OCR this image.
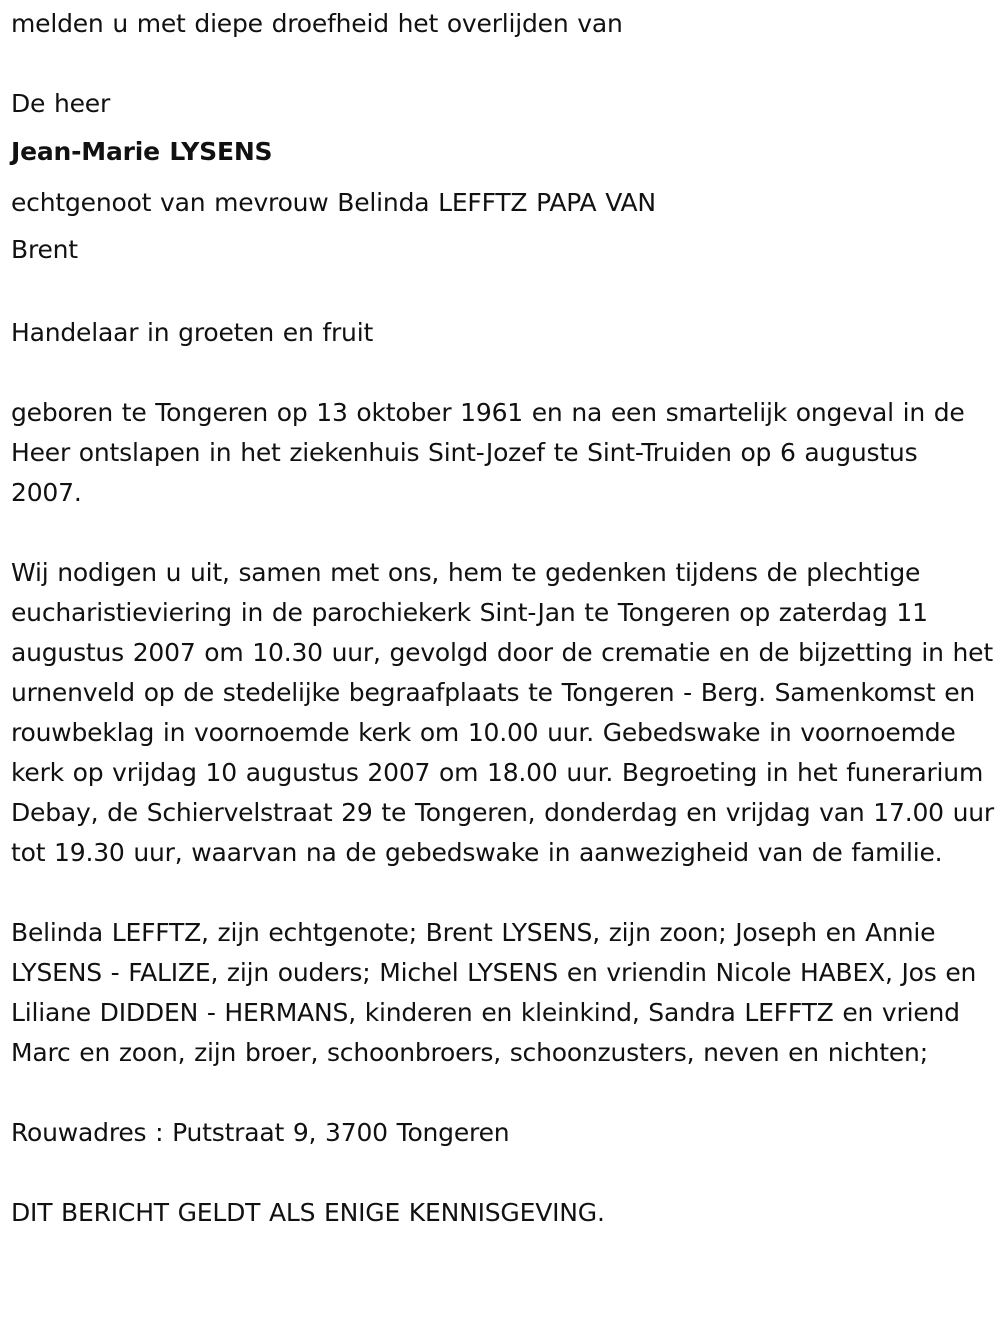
melden u met diepe droefheid het overlijden van

De heer

Jean-Marie LYSENS

echtgenoot van mevrouw Belinda LEFFTZ PAPA VAN

Brent

Handelaar in groeten en fruit

geboren te Tongeren op 13 oktober 1961 en na een smartelijk ongeval in de Heer ontslapen in het ziekenhuis Sint-Jozef te Sint-Truiden op 6 augustus 2007.

Wij nodigen u uit, samen met ons, hem te gedenken tijdens de plechtige eucharistieviering in de parochiekerk Sint-Jan te Tongeren op zaterdag 11 augustus 2007 om 10.30 uur, gevolgd door de crematie en de bijzetting in het urnenveld op de stedelijke begraafplaats te Tongeren - Berg. Samenkomst en rouwbeklag in voornoemde kerk om 10.00 uur. Gebedswake in voornoemde kerk op vrijdag 10 augustus 2007 om 18.00 uur. Begroeting in het funerarium Debay, de Schiervelstraat 29 te Tongeren, donderdag en vrijdag van 17.00 uur tot 19.30 uur, waarvan na de gebedswake in aanwezigheid van de familie.

Belinda LEFFTZ, zijn echtgenote; Brent LYSENS, zijn zoon; Joseph en Annie LYSENS - FALIZE, zijn ouders; Michel LYSENS en vriendin Nicole HABEX, Jos en Liliane DIDDEN - HERMANS, kinderen en kleinkind, Sandra LEFFTZ en vriend Marc en zoon, zijn broer, schoonbroers, schoonzusters, neven en nichten;

Rouwadres : Putstraat 9, 3700 Tongeren

DIT BERICHT GELDT ALS ENIGE KENNISGEVING.
